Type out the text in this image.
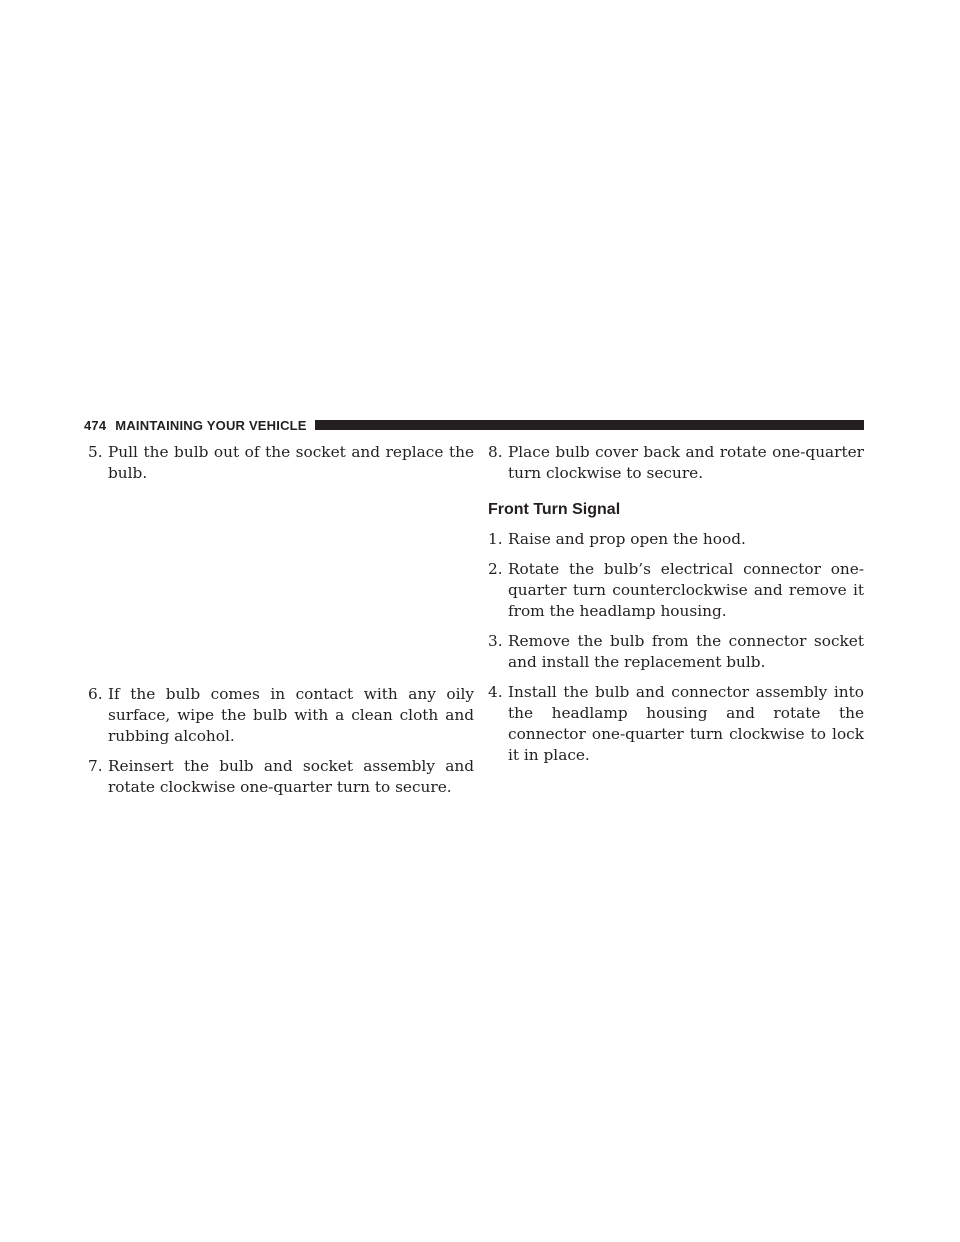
474 MAINTAINING YOUR VEHICLE

5. Pull the bulb out of the socket and replace the bulb.

6. If the bulb comes in contact with any oily surface, wipe the bulb with a clean cloth and rubbing alcohol.

7. Reinsert the bulb and socket assembly and rotate clockwise one-quarter turn to secure.

8. Place bulb cover back and rotate one-quarter turn clockwise to secure.

Front Turn Signal

1. Raise and prop open the hood.

2. Rotate the bulb’s electrical connector one-quarter turn counterclockwise and remove it from the headlamp housing.

3. Remove the bulb from the connector socket and install the replacement bulb.

4. Install the bulb and connector assembly into the headlamp housing and rotate the connector one-quarter turn clockwise to lock it in place.
